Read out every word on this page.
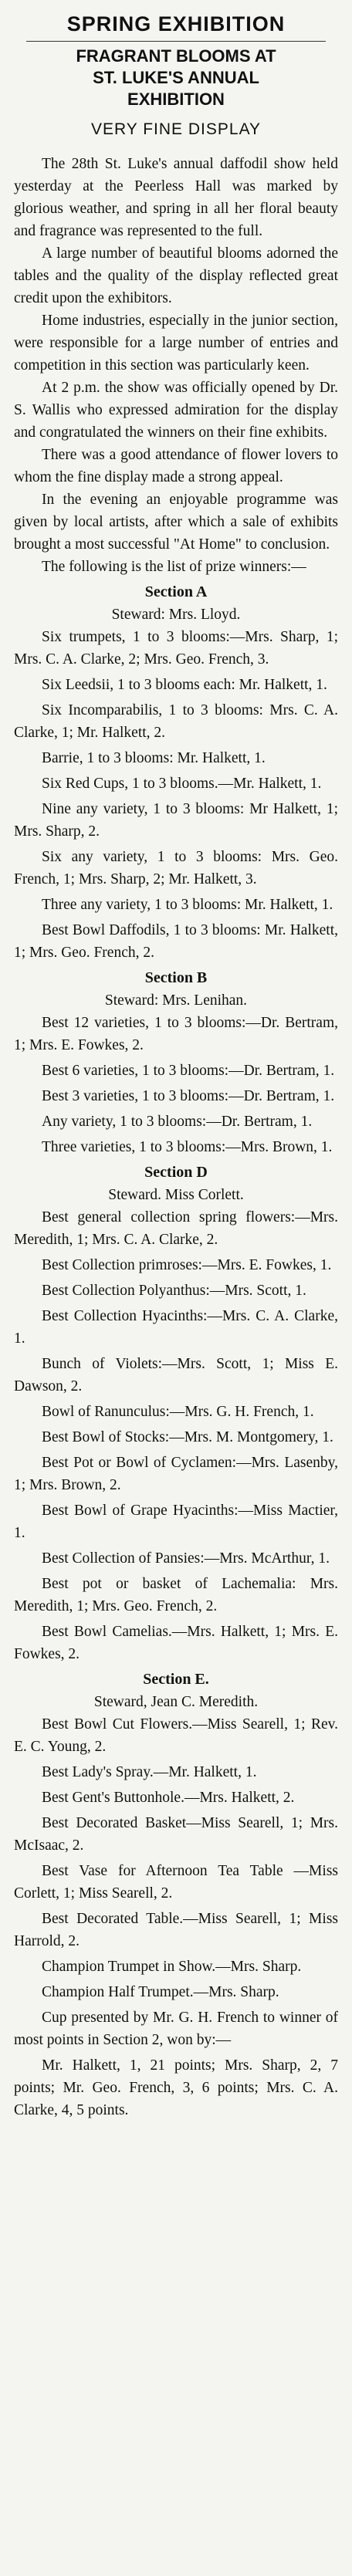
SPRING EXHIBITION
FRAGRANT BLOOMS AT
ST. LUKE'S ANNUAL
EXHIBITION
VERY FINE DISPLAY

The 28th St. Luke's annual daffodil show held yesterday at the Peerless Hall was marked by glorious weather, and spring in all her floral beauty and fragrance was represented to the full.

A large number of beautiful blooms adorned the tables and the quality of the display reflected great credit upon the exhibitors.

Home industries, especially in the junior section, were responsible for a large number of entries and competition in this section was particularly keen.

At 2 p.m. the show was officially opened by Dr. S. Wallis who expressed admiration for the display and congratulated the winners on their fine exhibits.

There was a good attendance of flower lovers to whom the fine display made a strong appeal.

In the evening an enjoyable programme was given by local artists, after which a sale of exhibits brought a most successful "At Home" to conclusion.

The following is the list of prize winners:—

Section A
Steward: Mrs. Lloyd.

Six trumpets, 1 to 3 blooms:—Mrs. Sharp, 1; Mrs. C. A. Clarke, 2; Mrs. Geo. French, 3.

Six Leedsii, 1 to 3 blooms each: Mr. Halkett, 1.

Six Incomparabilis, 1 to 3 blooms: Mrs. C. A. Clarke, 1; Mr. Halkett, 2.

Barrie, 1 to 3 blooms: Mr. Halkett, 1.

Six Red Cups, 1 to 3 blooms.—Mr. Halkett, 1.

Nine any variety, 1 to 3 blooms: Mr Halkett, 1; Mrs. Sharp, 2.

Six any variety, 1 to 3 blooms: Mrs. Geo. French, 1; Mrs. Sharp, 2; Mr. Halkett, 3.

Three any variety, 1 to 3 blooms: Mr. Halkett, 1.

Best Bowl Daffodils, 1 to 3 blooms: Mr. Halkett, 1; Mrs. Geo. French, 2.

Section B
Steward: Mrs. Lenihan.

Best 12 varieties, 1 to 3 blooms:—Dr. Bertram, 1; Mrs. E. Fowkes, 2.

Best 6 varieties, 1 to 3 blooms:—Dr. Bertram, 1.

Best 3 varieties, 1 to 3 blooms:—Dr. Bertram, 1.

Any variety, 1 to 3 blooms:—Dr. Bertram, 1.

Three varieties, 1 to 3 blooms:—Mrs. Brown, 1.

Section D
Steward. Miss Corlett.

Best general collection spring flowers:—Mrs. Meredith, 1; Mrs. C. A. Clarke, 2.

Best Collection primroses:—Mrs. E. Fowkes, 1.

Best Collection Polyanthus:—Mrs. Scott, 1.

Best Collection Hyacinths:—Mrs. C. A. Clarke, 1.

Bunch of Violets:—Mrs. Scott, 1; Miss E. Dawson, 2.

Bowl of Ranunculus:—Mrs. G. H. French, 1.

Best Bowl of Stocks:—Mrs. M. Montgomery, 1.

Best Pot or Bowl of Cyclamen:—Mrs. Lasenby, 1; Mrs. Brown, 2.

Best Bowl of Grape Hyacinths:—Miss Mactier, 1.

Best Collection of Pansies:—Mrs. McArthur, 1.

Best pot or basket of Lachemalia: Mrs. Meredith, 1; Mrs. Geo. French, 2.

Best Bowl Camelias.—Mrs. Halkett, 1; Mrs. E. Fowkes, 2.

Section E.
Steward, Jean C. Meredith.

Best Bowl Cut Flowers.—Miss Searell, 1; Rev. E. C. Young, 2.

Best Lady's Spray.—Mr. Halkett, 1.

Best Gent's Buttonhole.—Mrs. Halkett, 2.

Best Decorated Basket—Miss Searell, 1; Mrs. McIsaac, 2.

Best Vase for Afternoon Tea Table —Miss Corlett, 1; Miss Searell, 2.

Best Decorated Table.—Miss Searell, 1; Miss Harrold, 2.

Champion Trumpet in Show.—Mrs. Sharp.

Champion Half Trumpet.—Mrs. Sharp.

Cup presented by Mr. G. H. French to winner of most points in Section 2, won by:—

Mr. Halkett, 1, 21 points; Mrs. Sharp, 2, 7 points; Mr. Geo. French, 3, 6 points; Mrs. C. A. Clarke, 4, 5 points.
